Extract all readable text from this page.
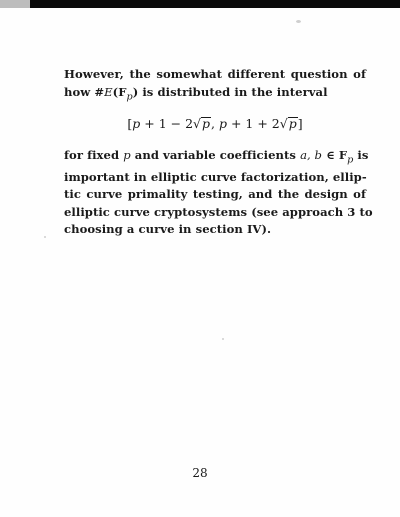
However, the somewhat different question of
how $\#E(F_p)$ is distributed in the interval
[p + 1 − 2√p, p + 1 + 2√p]
for fixed p and variable coefficients a, b ∈ $F_p$ is
important in elliptic curve factorization, ellip-
tic curve primality testing, and the design of
elliptic curve cryptosystems (see approach 3 to
choosing a curve in section IV).
28
